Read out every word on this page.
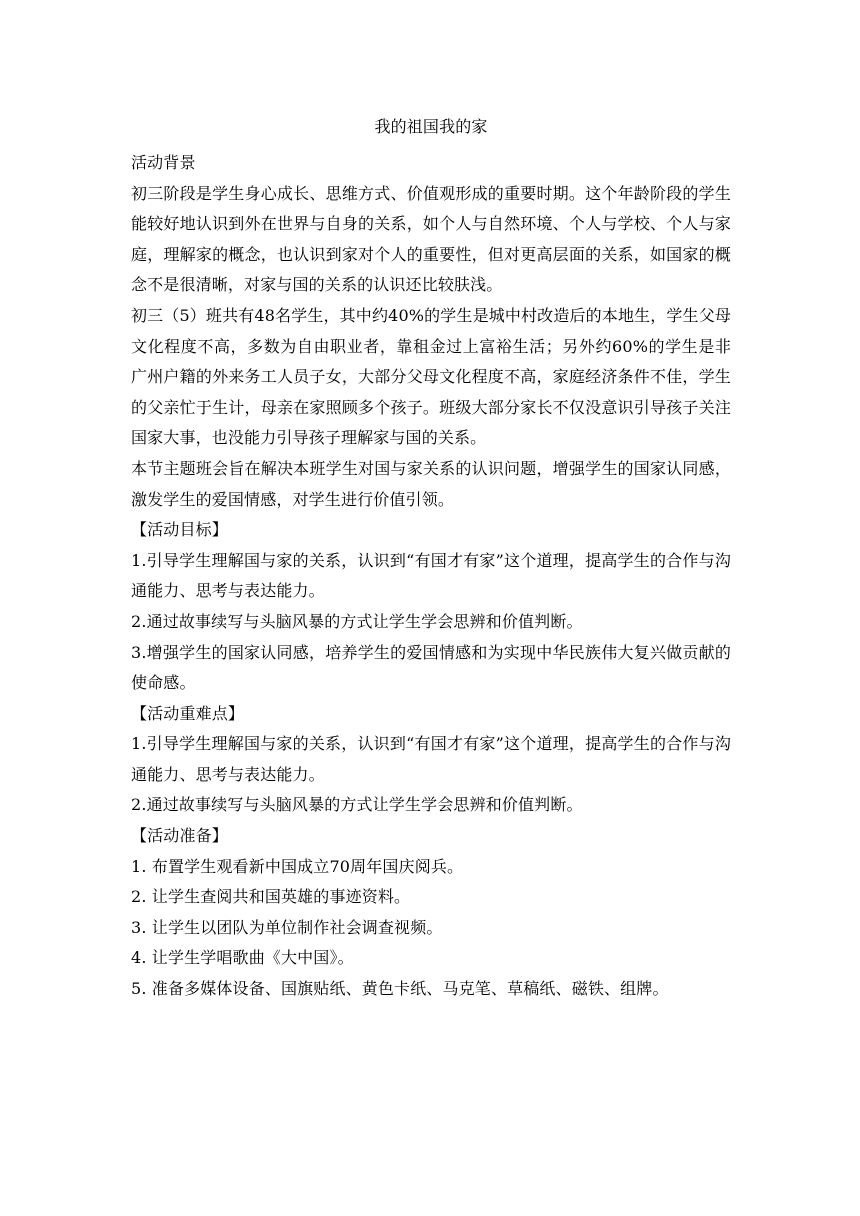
我的祖国我的家

活动背景

初三阶段是学生身心成长、思维方式、价值观形成的重要时期。这个年龄阶段的学生能较好地认识到外在世界与自身的关系，如个人与自然环境、个人与学校、个人与家庭，理解家的概念，也认识到家对个人的重要性，但对更高层面的关系，如国家的概念不是很清晰，对家与国的关系的认识还比较肤浅。

初三（5）班共有48名学生，其中约40%的学生是城中村改造后的本地生，学生父母文化程度不高，多数为自由职业者，靠租金过上富裕生活；另外约60%的学生是非广州户籍的外来务工人员子女，大部分父母文化程度不高，家庭经济条件不佳，学生的父亲忙于生计，母亲在家照顾多个孩子。班级大部分家长不仅没意识引导孩子关注国家大事，也没能力引导孩子理解家与国的关系。

本节主题班会旨在解决本班学生对国与家关系的认识问题，增强学生的国家认同感，激发学生的爱国情感，对学生进行价值引领。

【活动目标】

1.引导学生理解国与家的关系，认识到“有国才有家”这个道理，提高学生的合作与沟通能力、思考与表达能力。

2.通过故事续写与头脑风暴的方式让学生学会思辨和价值判断。

3.增强学生的国家认同感，培养学生的爱国情感和为实现中华民族伟大复兴做贡献的使命感。

【活动重难点】

1.引导学生理解国与家的关系，认识到“有国才有家”这个道理，提高学生的合作与沟通能力、思考与表达能力。

2.通过故事续写与头脑风暴的方式让学生学会思辨和价值判断。

【活动准备】

1. 布置学生观看新中国成立70周年国庆阅兵。

2. 让学生查阅共和国英雄的事迹资料。

3. 让学生以团队为单位制作社会调查视频。

4. 让学生学唱歌曲《大中国》。

5. 准备多媒体设备、国旗贴纸、黄色卡纸、马克笔、草稿纸、磁铁、组牌。
